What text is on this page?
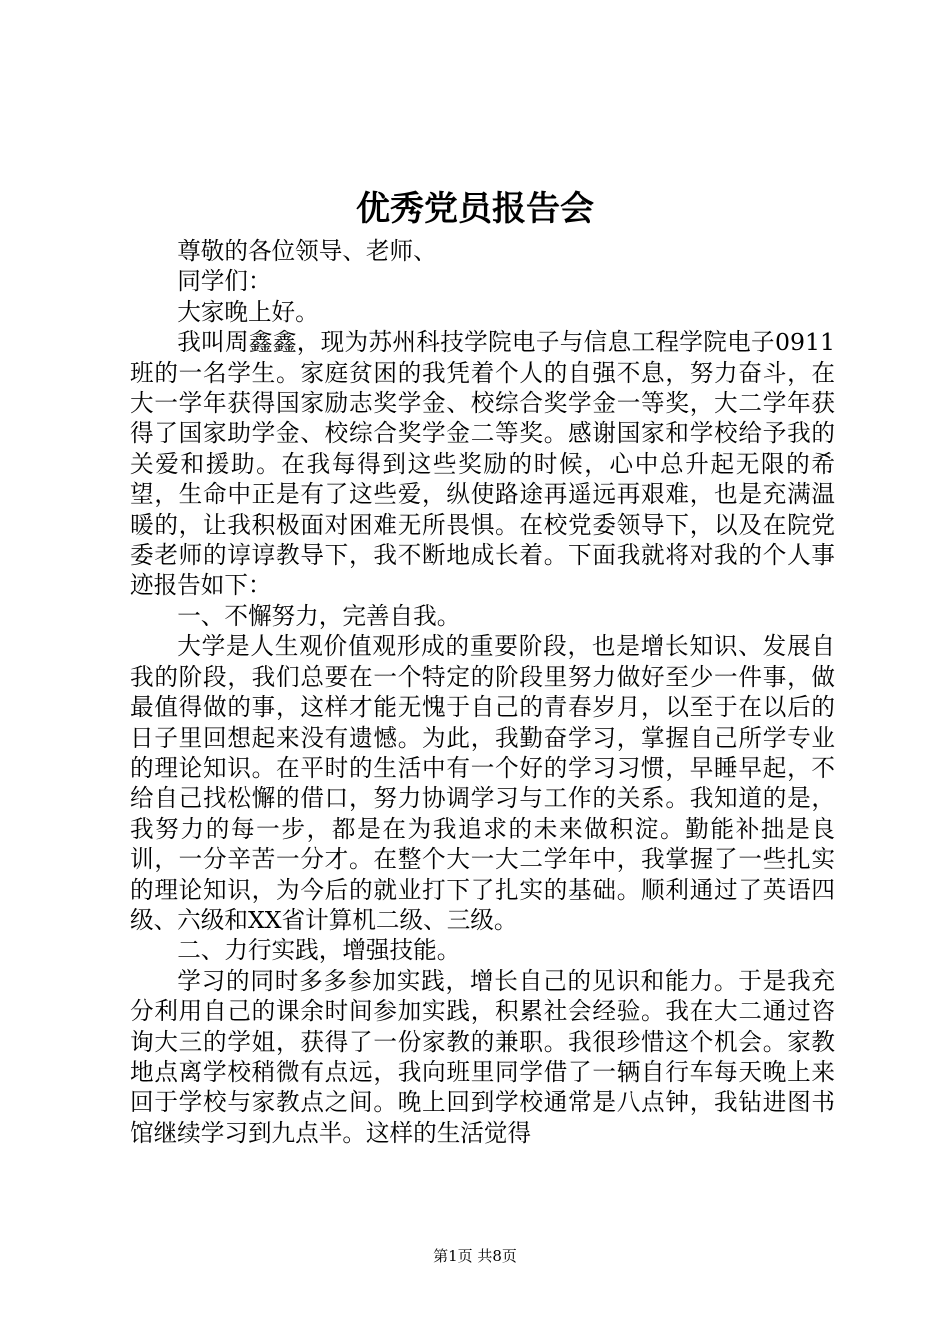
优秀党员报告会

尊敬的各位领导、老师、

同学们：

大家晚上好。

我叫周鑫鑫，现为苏州科技学院电子与信息工程学院电子0911班的一名学生。家庭贫困的我凭着个人的自强不息，努力奋斗，在大一学年获得国家励志奖学金、校综合奖学金一等奖，大二学年获得了国家助学金、校综合奖学金二等奖。感谢国家和学校给予我的关爱和援助。在我每得到这些奖励的时候，心中总升起无限的希望，生命中正是有了这些爱，纵使路途再遥远再艰难，也是充满温暖的，让我积极面对困难无所畏惧。在校党委领导下，以及在院党委老师的谆谆教导下，我不断地成长着。下面我就将对我的个人事迹报告如下：

一、不懈努力，完善自我。

大学是人生观价值观形成的重要阶段，也是增长知识、发展自我的阶段，我们总要在一个特定的阶段里努力做好至少一件事，做最值得做的事，这样才能无愧于自己的青春岁月，以至于在以后的日子里回想起来没有遗憾。为此，我勤奋学习，掌握自己所学专业的理论知识。在平时的生活中有一个好的学习习惯，早睡早起，不给自己找松懈的借口，努力协调学习与工作的关系。我知道的是，我努力的每一步，都是在为我追求的未来做积淀。勤能补拙是良训，一分辛苦一分才。在整个大一大二学年中，我掌握了一些扎实的理论知识，为今后的就业打下了扎实的基础。顺利通过了英语四级、六级和XX省计算机二级、三级。

二、力行实践，增强技能。

学习的同时多多参加实践，增长自己的见识和能力。于是我充分利用自己的课余时间参加实践，积累社会经验。我在大二通过咨询大三的学姐，获得了一份家教的兼职。我很珍惜这个机会。家教地点离学校稍微有点远，我向班里同学借了一辆自行车每天晚上来回于学校与家教点之间。晚上回到学校通常是八点钟，我钻进图书馆继续学习到九点半。这样的生活觉得

第1页 共8页
